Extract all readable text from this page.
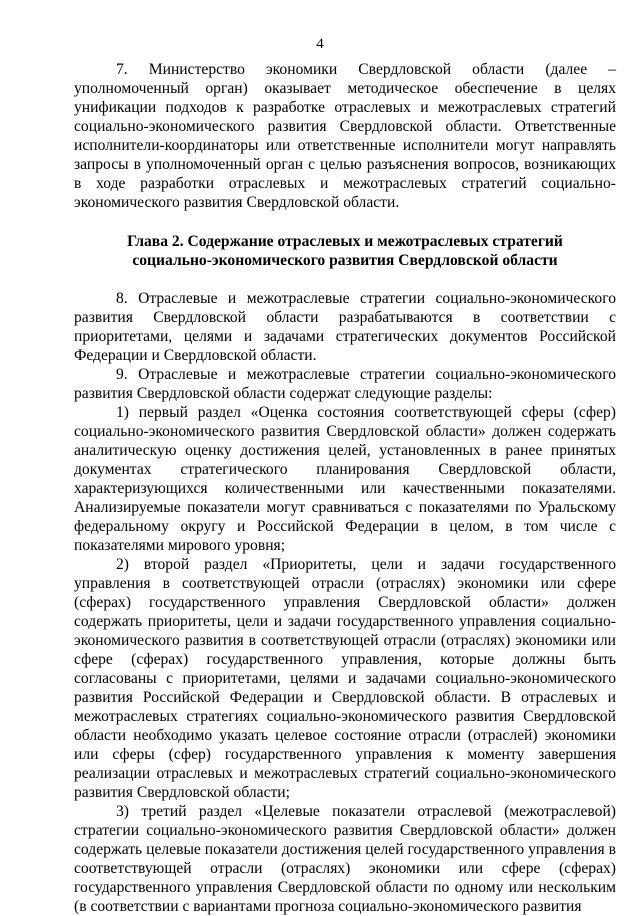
4

7. Министерство экономики Свердловской области (далее – уполномоченный орган) оказывает методическое обеспечение в целях унификации подходов к разработке отраслевых и межотраслевых стратегий социально-экономического развития Свердловской области. Ответственные исполнители-координаторы или ответственные исполнители могут направлять запросы в уполномоченный орган с целью разъяснения вопросов, возникающих в ходе разработки отраслевых и межотраслевых стратегий социально-экономического развития Свердловской области.

Глава 2. Содержание отраслевых и межотраслевых стратегий
социально-экономического развития Свердловской области

8. Отраслевые и межотраслевые стратегии социально-экономического развития Свердловской области разрабатываются в соответствии с приоритетами, целями и задачами стратегических документов Российской Федерации и Свердловской области.

9. Отраслевые и межотраслевые стратегии социально-экономического развития Свердловской области содержат следующие разделы:

1) первый раздел «Оценка состояния соответствующей сферы (сфер) социально-экономического развития Свердловской области» должен содержать аналитическую оценку достижения целей, установленных в ранее принятых документах стратегического планирования Свердловской области, характеризующихся количественными или качественными показателями. Анализируемые показатели могут сравниваться с показателями по Уральскому федеральному округу и Российской Федерации в целом, в том числе с показателями мирового уровня;

2) второй раздел «Приоритеты, цели и задачи государственного управления в соответствующей отрасли (отраслях) экономики или сфере (сферах) государственного управления Свердловской области» должен содержать приоритеты, цели и задачи государственного управления социально-экономического развития в соответствующей отрасли (отраслях) экономики или сфере (сферах) государственного управления, которые должны быть согласованы с приоритетами, целями и задачами социально-экономического развития Российской Федерации и Свердловской области. В отраслевых и межотраслевых стратегиях социально-экономического развития Свердловской области необходимо указать целевое состояние отрасли (отраслей) экономики или сферы (сфер) государственного управления к моменту завершения реализации отраслевых и межотраслевых стратегий социально-экономического развития Свердловской области;

3) третий раздел «Целевые показатели отраслевой (межотраслевой) стратегии социально-экономического развития Свердловской области» должен содержать целевые показатели достижения целей государственного управления в соответствующей отрасли (отраслях) экономики или сфере (сферах) государственного управления Свердловской области по одному или нескольким (в соответствии с вариантами прогноза социально-экономического развития
